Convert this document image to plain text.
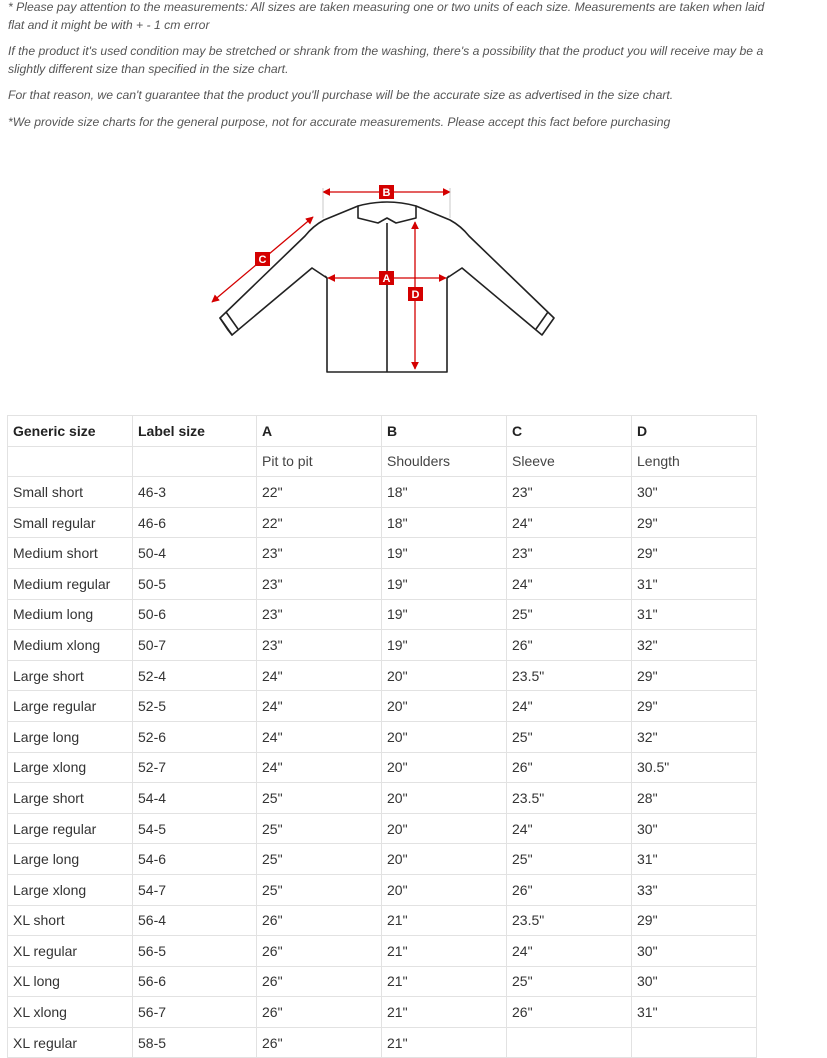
* Please pay attention to the measurements: All sizes are taken measuring one or two units of each size. Measurements are taken when laid flat and it might be with + - 1 cm error

If the product it's used condition may be stretched or shrank from the washing, there's a possibility that the product you will receive may be a slightly different size than specified in the size chart.

For that reason, we can't guarantee that the product you'll purchase will be the accurate size as advertised in the size chart.

*We provide size charts for the general purpose, not for accurate measurements. Please accept this fact before purchasing

B
A
C
D
Generic size	Label size	A	B	C	D
		Pit to pit	Shoulders	Sleeve	Length
Small short	46-3	22"	18"	23"	30"
Small regular	46-6	22"	18"	24"	29"
Medium short	50-4	23"	19"	23"	29"
Medium regular	50-5	23"	19"	24"	31"
Medium long	50-6	23"	19"	25"	31"
Medium xlong	50-7	23"	19"	26"	32"
Large short	52-4	24"	20"	23.5"	29"
Large regular	52-5	24"	20"	24"	29"
Large long	52-6	24"	20"	25"	32"
Large xlong	52-7	24"	20"	26"	30.5"
Large short	54-4	25"	20"	23.5"	28"
Large regular	54-5	25"	20"	24"	30"
Large long	54-6	25"	20"	25"	31"
Large xlong	54-7	25"	20"	26"	33"
XL short	56-4	26"	21"	23.5"	29"
XL regular	56-5	26"	21"	24"	30"
XL long	56-6	26"	21"	25"	30"
XL xlong	56-7	26"	21"	26"	31"
XL regular	58-5	26"	21"		
